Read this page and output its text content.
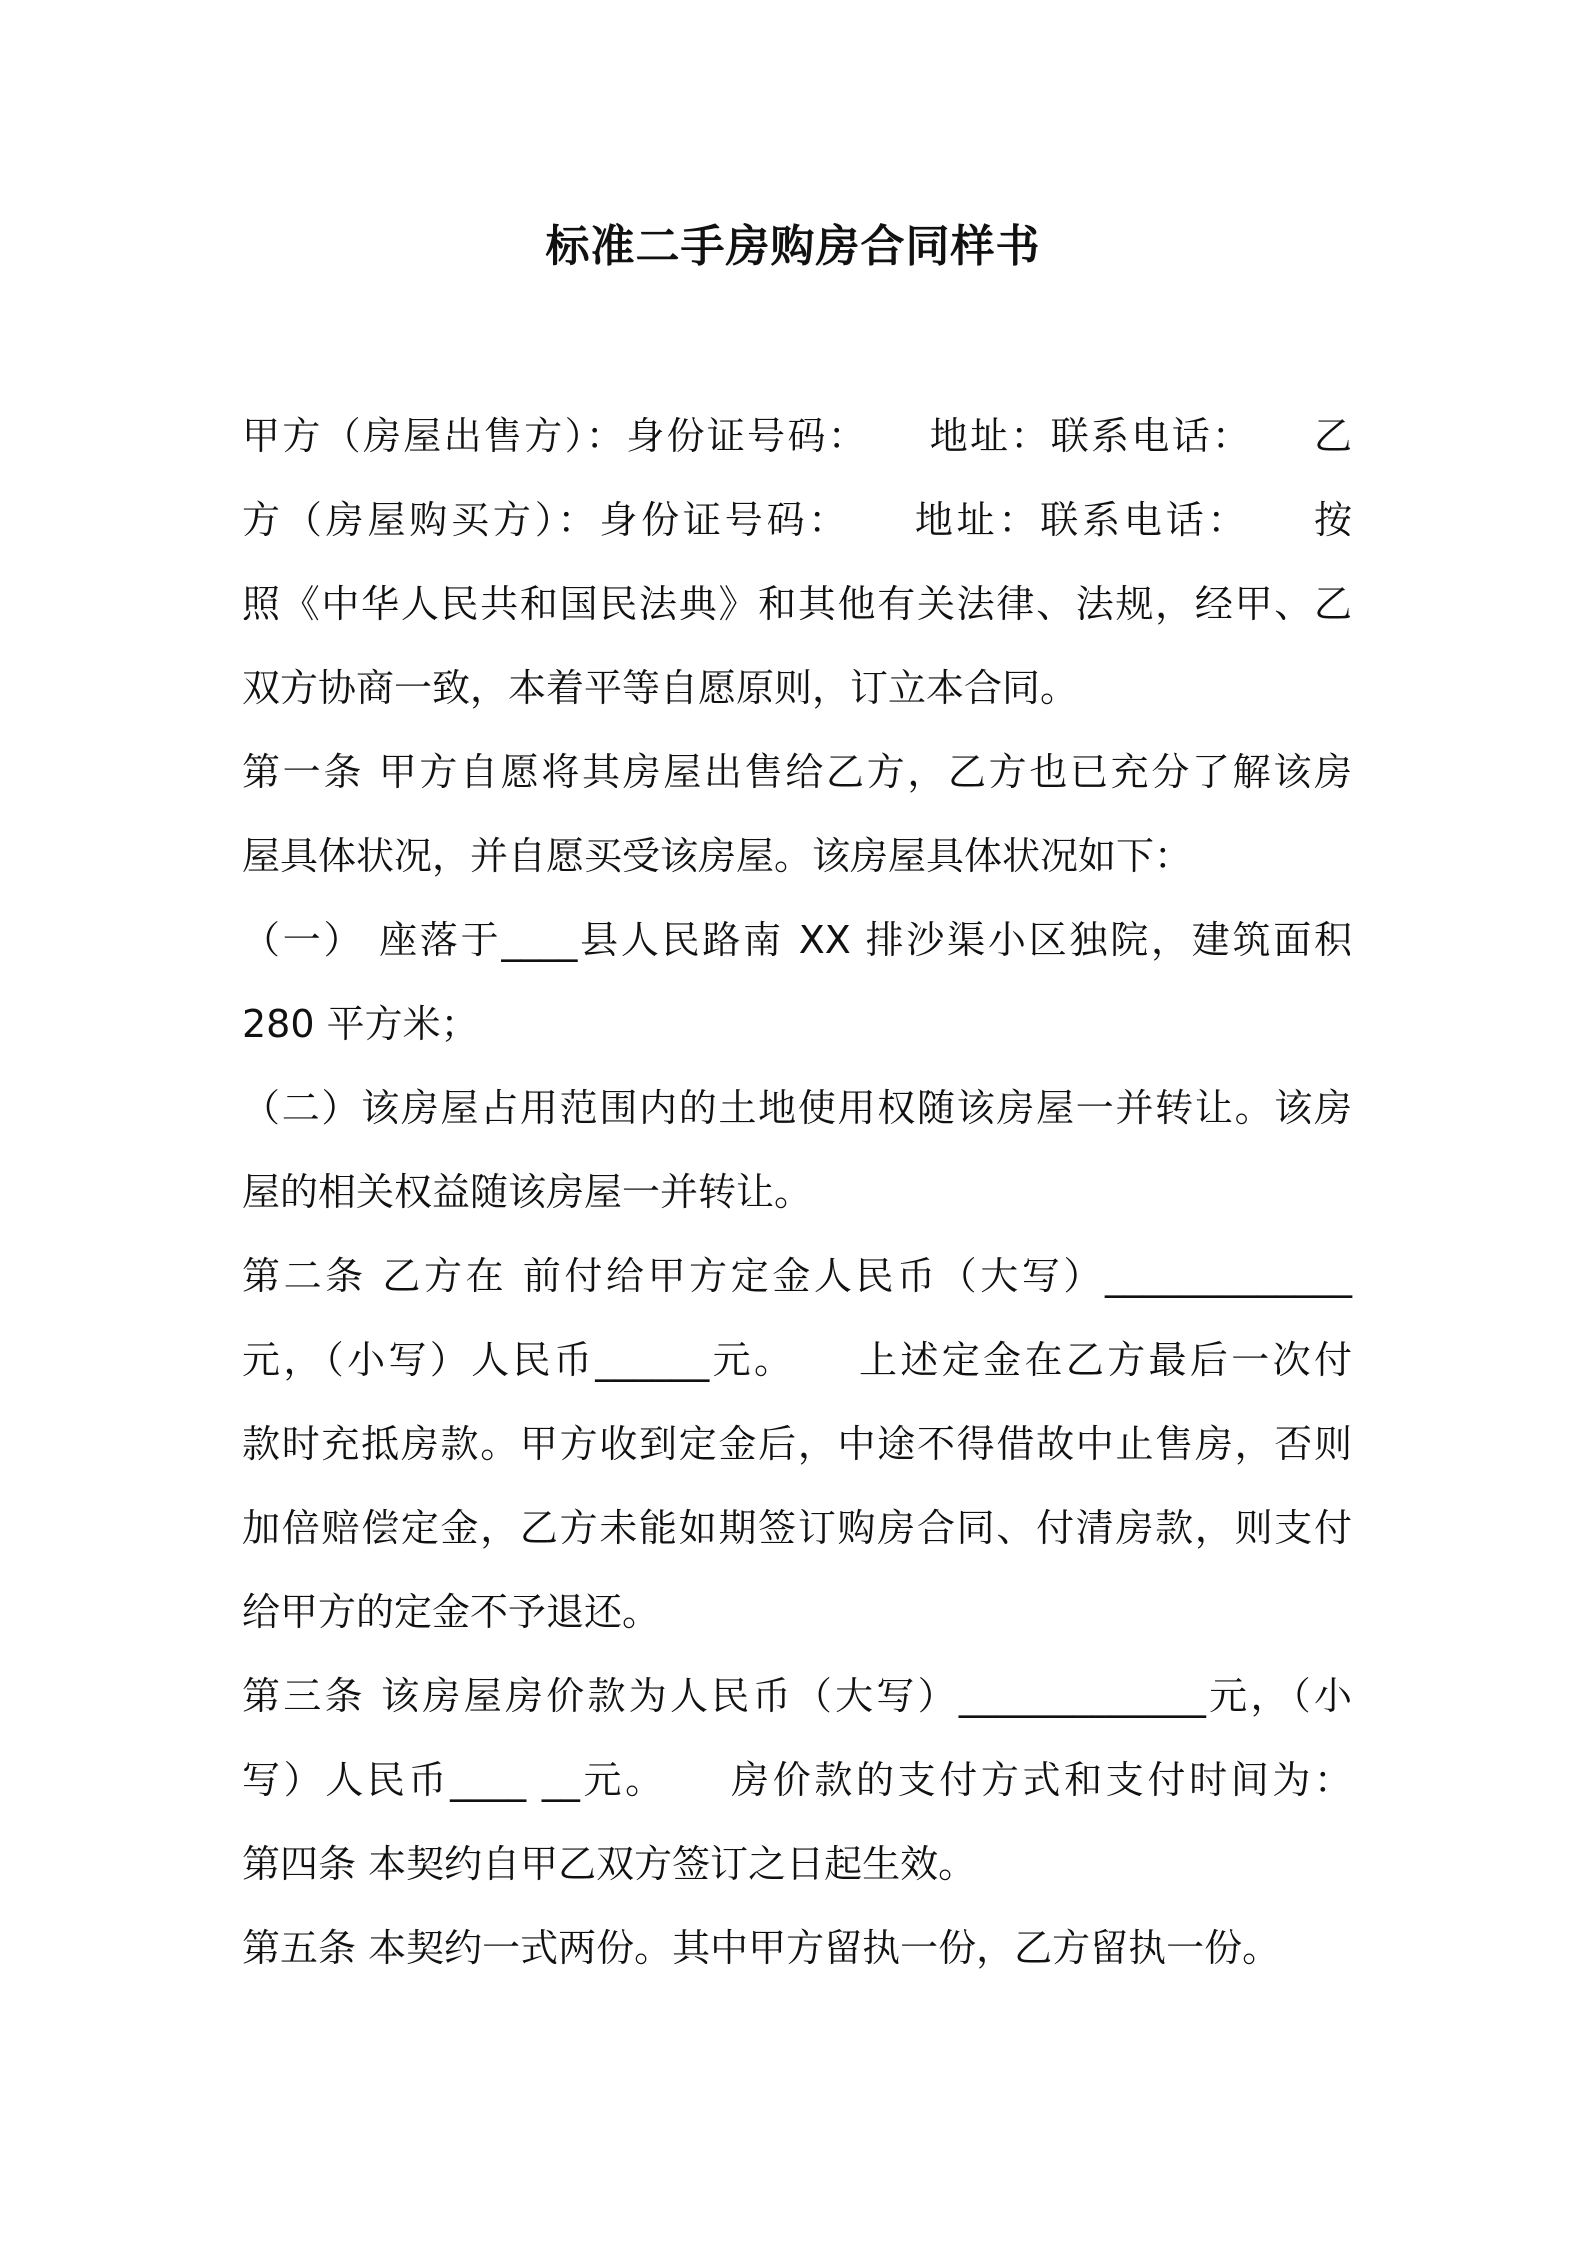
标准二手房购房合同样书
甲方（房屋出售方）：身份证号码：　　地址：联系电话：　　乙
方（房屋购买方）：身份证号码：　　地址：联系电话：　　按
照《中华人民共和国民法典》和其他有关法律、法规，经甲、乙
双方协商一致，本着平等自愿原则，订立本合同。
第一条 甲方自愿将其房屋出售给乙方，乙方也已充分了解该房
屋具体状况，并自愿买受该房屋。该房屋具体状况如下：
（一） 座落于____县人民路南 XX 排沙渠小区独院，建筑面积
280 平方米；
（二）该房屋占用范围内的土地使用权随该房屋一并转让。该房
屋的相关权益随该房屋一并转让。
第二条 乙方在 前付给甲方定金人民币（大写）_____________
元，（小写）人民币______元。　　上述定金在乙方最后一次付
款时充抵房款。甲方收到定金后，中途不得借故中止售房，否则
加倍赔偿定金，乙方未能如期签订购房合同、付清房款，则支付
给甲方的定金不予退还。
第三条 该房屋房价款为人民币（大写）_____________元，（小
写）人民币____ __元。　　房价款的支付方式和支付时间为：
第四条 本契约自甲乙双方签订之日起生效。
第五条 本契约一式两份。其中甲方留执一份，乙方留执一份。
